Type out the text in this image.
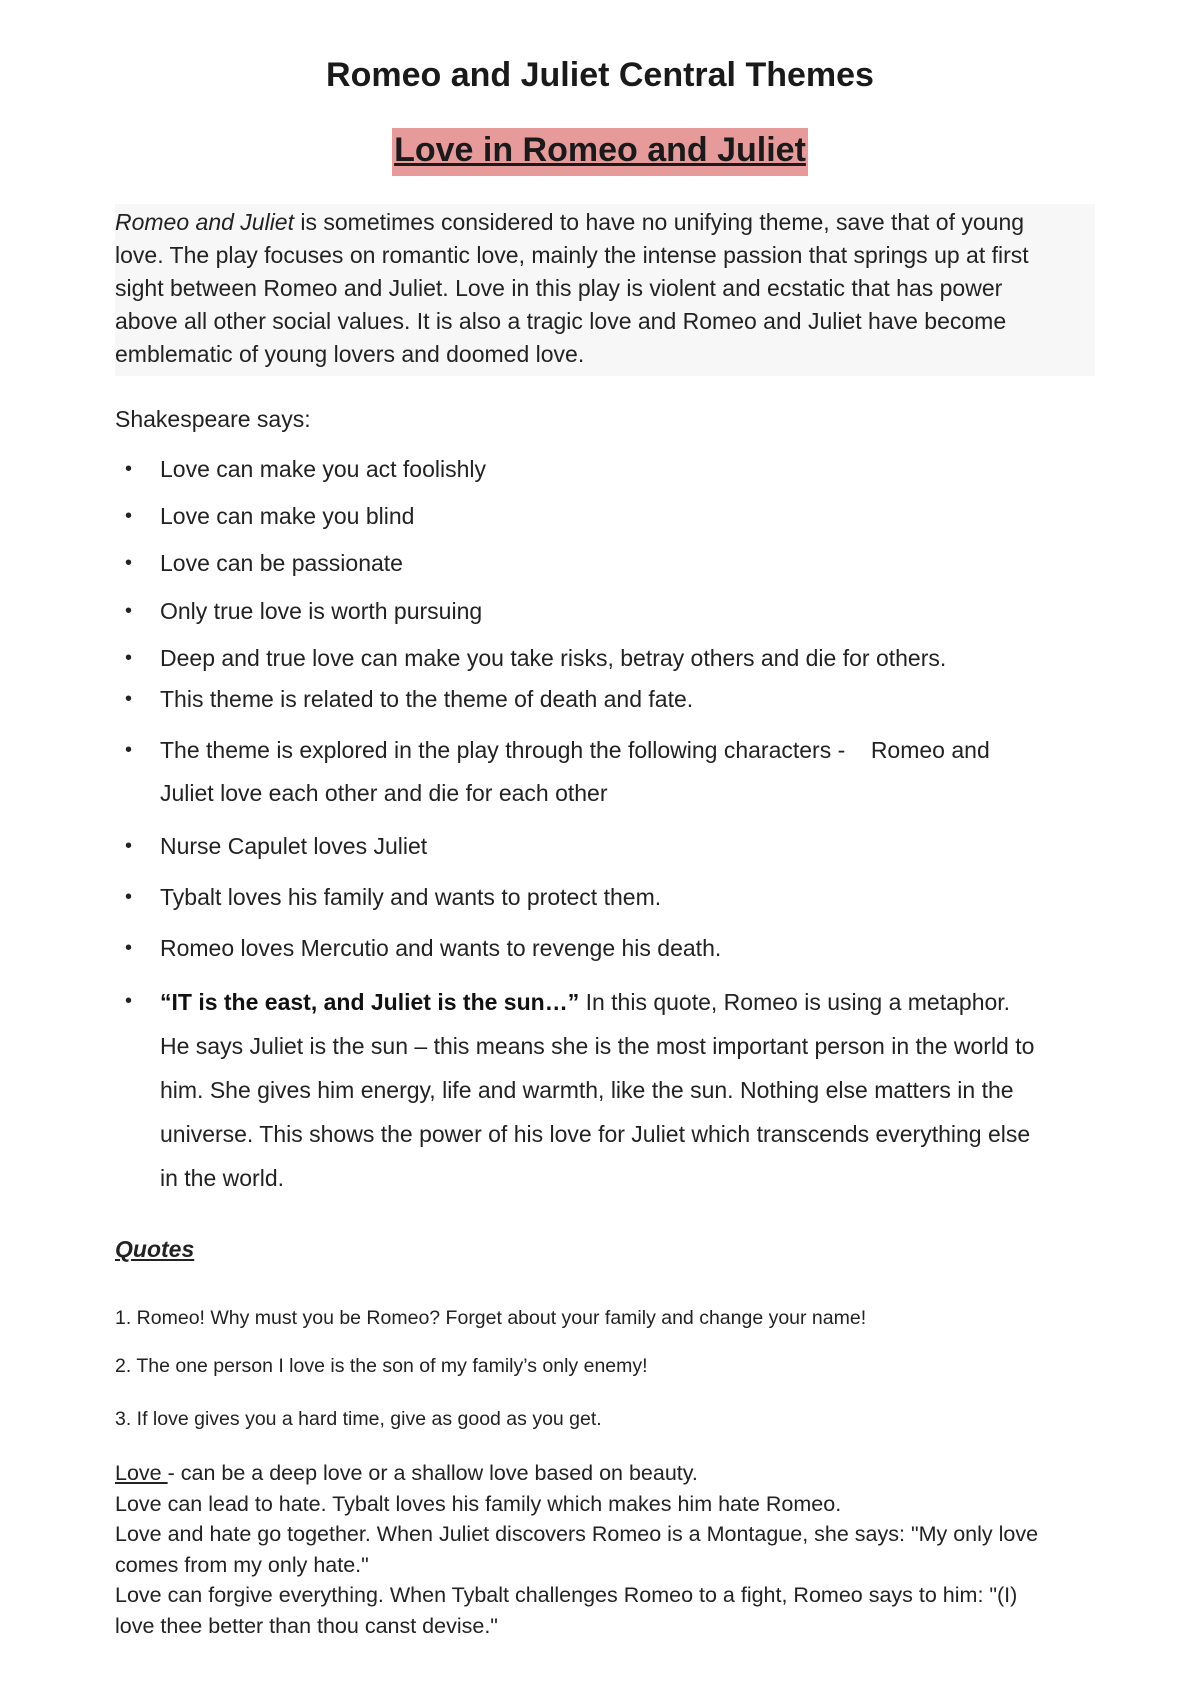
Romeo and Juliet Central Themes
Love in Romeo and Juliet

Romeo and Juliet is sometimes considered to have no unifying theme, save that of young
love. The play focuses on romantic love, mainly the intense passion that springs up at first
sight between Romeo and Juliet. Love in this play is violent and ecstatic that has power
above all other social values. It is also a tragic love and Romeo and Juliet have become
emblematic of young lovers and doomed love.

Shakespeare says:

• Love can make you act foolishly
• Love can make you blind
• Love can be passionate
• Only true love is worth pursuing
• Deep and true love can make you take risks, betray others and die for others.
• This theme is related to the theme of death and fate.
• The theme is explored in the play through the following characters -    Romeo and
Juliet love each other and die for each other
• Nurse Capulet loves Juliet
• Tybalt loves his family and wants to protect them.
• Romeo loves Mercutio and wants to revenge his death.
• “IT is the east, and Juliet is the sun…” In this quote, Romeo is using a metaphor.
He says Juliet is the sun – this means she is the most important person in the world to
him. She gives him energy, life and warmth, like the sun. Nothing else matters in the
universe. This shows the power of his love for Juliet which transcends everything else
in the world.

Quotes

1. Romeo! Why must you be Romeo? Forget about your family and change your name!

2. The one person I love is the son of my family’s only enemy!

3. If love gives you a hard time, give as good as you get.

Love - can be a deep love or a shallow love based on beauty.
Love can lead to hate. Tybalt loves his family which makes him hate Romeo.
Love and hate go together. When Juliet discovers Romeo is a Montague, she says: "My only love
comes from my only hate."
Love can forgive everything. When Tybalt challenges Romeo to a fight, Romeo says to him: "(I)
love thee better than thou canst devise."
